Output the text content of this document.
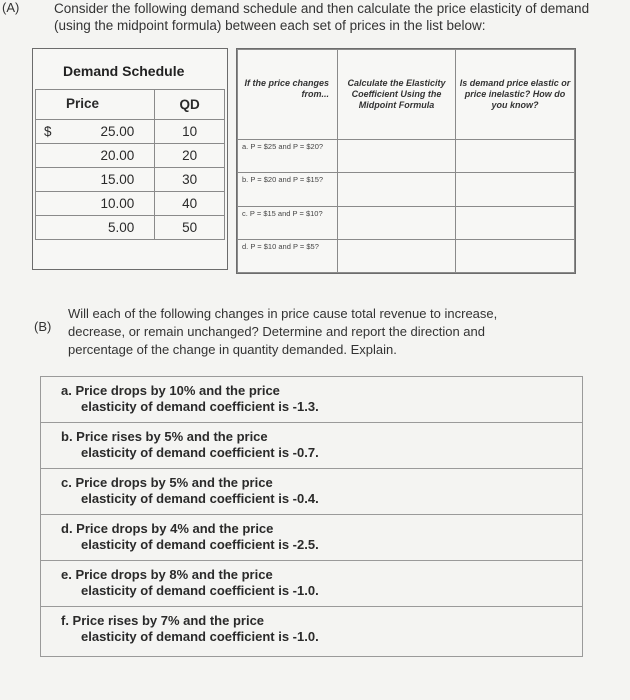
(A)	Consider the following demand schedule and then calculate the price elasticity of demand (using the midpoint formula) between each set of prices in the list below:
Demand Schedule
Price	QD

$ 25.00	10

20.00	20

15.00	30

10.00	40

5.00	50
If the price changes from...	Calculate the Elasticity Coefficient Using the Midpoint Formula	Is demand price elastic or price inelastic? How do you know?
a. P = $25 and P = $20?		
b. P = $20 and P = $15?		
c. P = $15 and P = $10?		
d. P = $10 and P = $5?		
(B)
Will each of the following changes in price cause total revenue to increase, decrease, or remain unchanged? Determine and report the direction and percentage of the change in quantity demanded. Explain.
a. Price drops by 10% and the price
elasticity of demand coefficient is -1.3.
b. Price rises by 5% and the price
elasticity of demand coefficient is -0.7.
c. Price drops by 5% and the price
elasticity of demand coefficient is -0.4.
d. Price drops by 4% and the price
elasticity of demand coefficient is -2.5.
e. Price drops by 8% and the price
elasticity of demand coefficient is -1.0.
f. Price rises by 7% and the price
elasticity of demand coefficient is -1.0.
